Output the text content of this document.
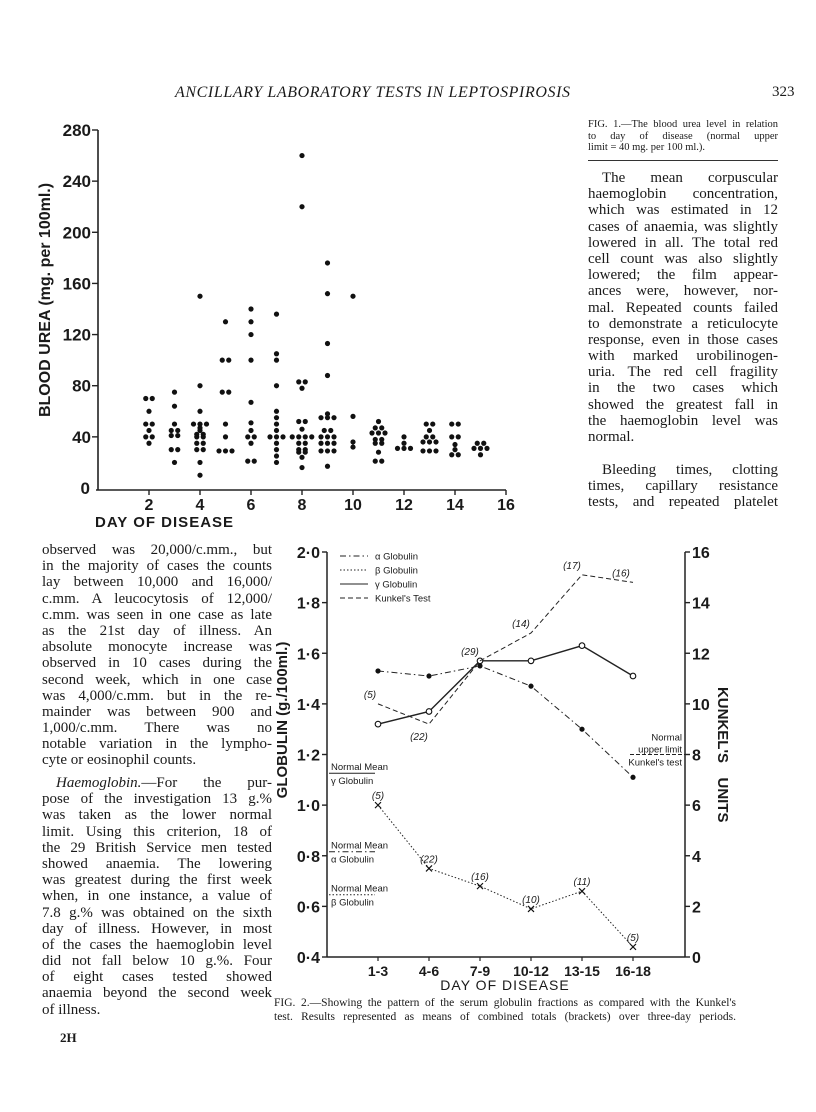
ANCILLARY LABORATORY TESTS IN LEPTOSPIROSIS	323
FIG. 1.—The blood urea level in relation
to day of disease (normal upper
limit = 40 mg. per 100 ml.).
The mean corpuscular
haemoglobin concentration,
which was estimated in 12
cases of anaemia, was slightly
lowered in all. The total red
cell count was also slightly
lowered; the film appear-
ances were, however, nor-
mal. Repeated counts failed
to demonstrate a reticulocyte
response, even in those cases
with marked urobilinogen-
uria. The red cell fragility
in the two cases which
showed the greatest fall in
the haemoglobin level was
normal.
Bleeding times, clotting
times, capillary resistance
tests, and repeated platelet
observed was 20,000/c.mm., but
in the majority of cases the counts
lay between 10,000 and 16,000/
c.mm. A leucocytosis of 12,000/
c.mm. was seen in one case as late
as the 21st day of illness. An
absolute monocyte increase was
observed in 10 cases during the
second week, which in one case
was 4,000/c.mm. but in the re-
mainder was between 900 and
1,000/c.mm. There was no
notable variation in the lympho-
cyte or eosinophil counts.
Haemoglobin.—For the pur-
pose of the investigation 13 g.%
was taken as the lower normal
limit. Using this criterion, 18 of
the 29 British Service men tested
showed anaemia. The lowering
was greatest during the first week
when, in one instance, a value of
7.8 g.% was obtained on the sixth
day of illness. However, in most
of the cases the haemoglobin level
did not fall below 10 g.%. Four
of eight cases tested showed
anaemia beyond the second week
of illness.
2H
FIG. 2.—Showing the pattern of the serum globulin fractions as compared with the Kunkel's
test. Results represented as means of combined totals (brackets) over three-day periods.
0
40
80
120
160
200
240
280
2	4	6	8 10 12 14 16
DAY OF DISEASE
BLOOD UREA (mg. per 100ml.)
0·4
0·6
0·8
1·0
1·2
1·4
1·6
1·8
2·0
0
2
4
6
8
10
12
14
16
1-3 4-6 7-9 10-12 13-15 16-18
DAY OF DISEASE
GLOBULIN (g./100ml.)	KUNKEL'S
UNITS
α Globulin
β Globulin
γ Globulin
Kunkel's Test
(5)
(22)
(16)
(10)
(11)
(5)
(5)
(22)
(29)
(14)
(17)
(16)
Normal Mean
γ Globulin
Normal Mean
α Globulin
Normal Mean
β Globulin
Normal
upper limit
Kunkel's test
